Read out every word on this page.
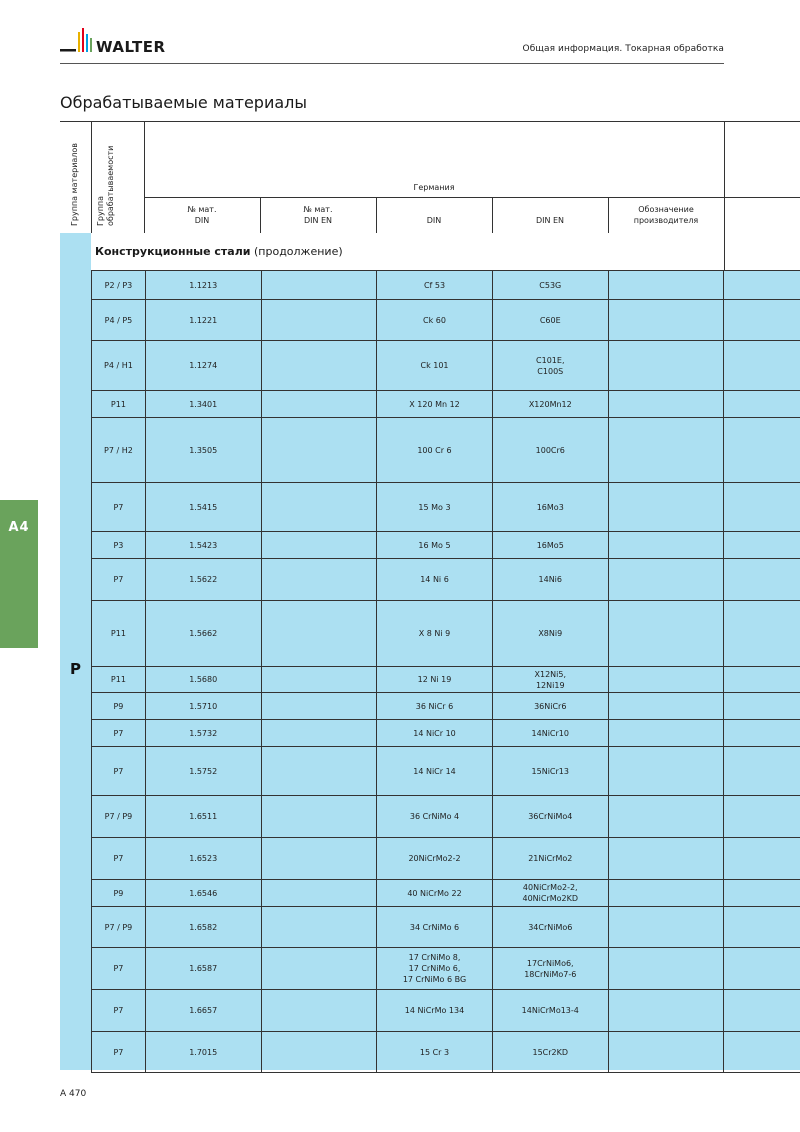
WALTER	Общая информация. Токарная обработка
Обрабатываемые материалы
Группа материалов Группа обрабатываемости	Германия
№ мат.
DIN
№ мат.
DIN EN	DIN	DIN EN
Обозначение
производителя
Конструкционные стали (продолжение)
P
P2 / P3	1.1213		Cf 53	C53G		
P4 / P5	1.1221		Ck 60	C60E		
P4 / H1	1.1274		Ck 101	C101E,
C100S		
P11	1.3401		X 120 Mn 12	X120Mn12		
P7 / H2	1.3505		100 Cr 6	100Cr6		
P7	1.5415		15 Mo 3	16Mo3		
P3	1.5423		16 Mo 5	16Mo5		
P7	1.5622		14 Ni 6	14Ni6		
P11	1.5662		X 8 Ni 9	X8Ni9		
P11	1.5680		12 Ni 19	X12Ni5,
12Ni19		
P9	1.5710		36 NiCr 6	36NiCr6		
P7	1.5732		14 NiCr 10	14NiCr10		
P7	1.5752		14 NiCr 14	15NiCr13		
P7 / P9	1.6511		36 CrNiMo 4	36CrNiMo4		
P7	1.6523		20NiCrMo2-2	21NiCrMo2		
P9	1.6546		40 NiCrMo 22	40NiCrMo2-2,
40NiCrMo2KD		
P7 / P9	1.6582		34 CrNiMo 6	34CrNiMo6		
P7	1.6587		17 CrNiMo 8,
17 CrNiMo 6,
17 CrNiMo 6 BG	17CrNiMo6,
18CrNiMo7-6		
P7	1.6657		14 NiCrMo 134	14NiCrMo13-4		
P7	1.7015		15 Cr 3	15Cr2KD		
A4
A 470
